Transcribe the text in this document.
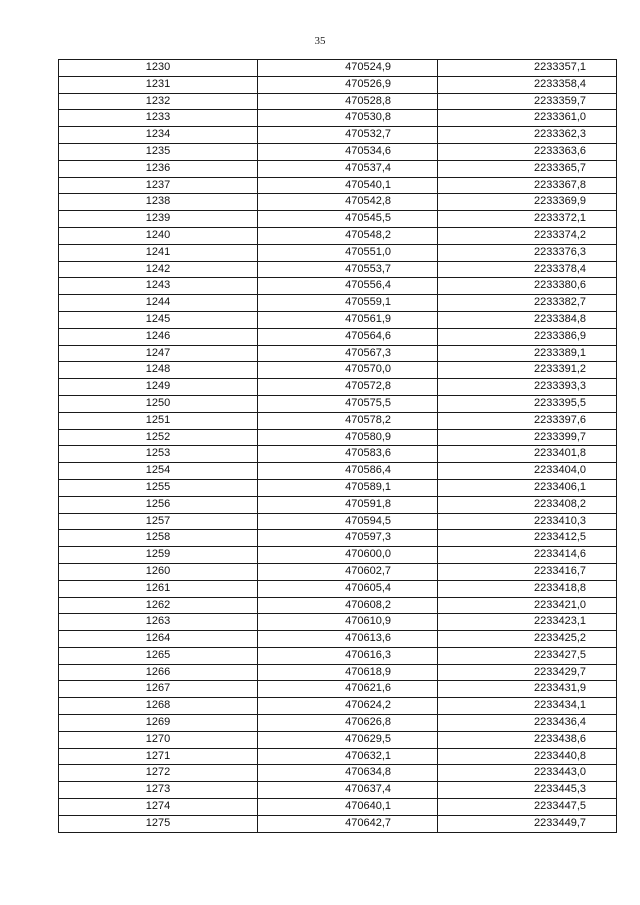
35
1230	470524,9	2233357,1
1231	470526,9	2233358,4
1232	470528,8	2233359,7
1233	470530,8	2233361,0
1234	470532,7	2233362,3
1235	470534,6	2233363,6
1236	470537,4	2233365,7
1237	470540,1	2233367,8
1238	470542,8	2233369,9
1239	470545,5	2233372,1
1240	470548,2	2233374,2
1241	470551,0	2233376,3
1242	470553,7	2233378,4
1243	470556,4	2233380,6
1244	470559,1	2233382,7
1245	470561,9	2233384,8
1246	470564,6	2233386,9
1247	470567,3	2233389,1
1248	470570,0	2233391,2
1249	470572,8	2233393,3
1250	470575,5	2233395,5
1251	470578,2	2233397,6
1252	470580,9	2233399,7
1253	470583,6	2233401,8
1254	470586,4	2233404,0
1255	470589,1	2233406,1
1256	470591,8	2233408,2
1257	470594,5	2233410,3
1258	470597,3	2233412,5
1259	470600,0	2233414,6
1260	470602,7	2233416,7
1261	470605,4	2233418,8
1262	470608,2	2233421,0
1263	470610,9	2233423,1
1264	470613,6	2233425,2
1265	470616,3	2233427,5
1266	470618,9	2233429,7
1267	470621,6	2233431,9
1268	470624,2	2233434,1
1269	470626,8	2233436,4
1270	470629,5	2233438,6
1271	470632,1	2233440,8
1272	470634,8	2233443,0
1273	470637,4	2233445,3
1274	470640,1	2233447,5
1275	470642,7	2233449,7
